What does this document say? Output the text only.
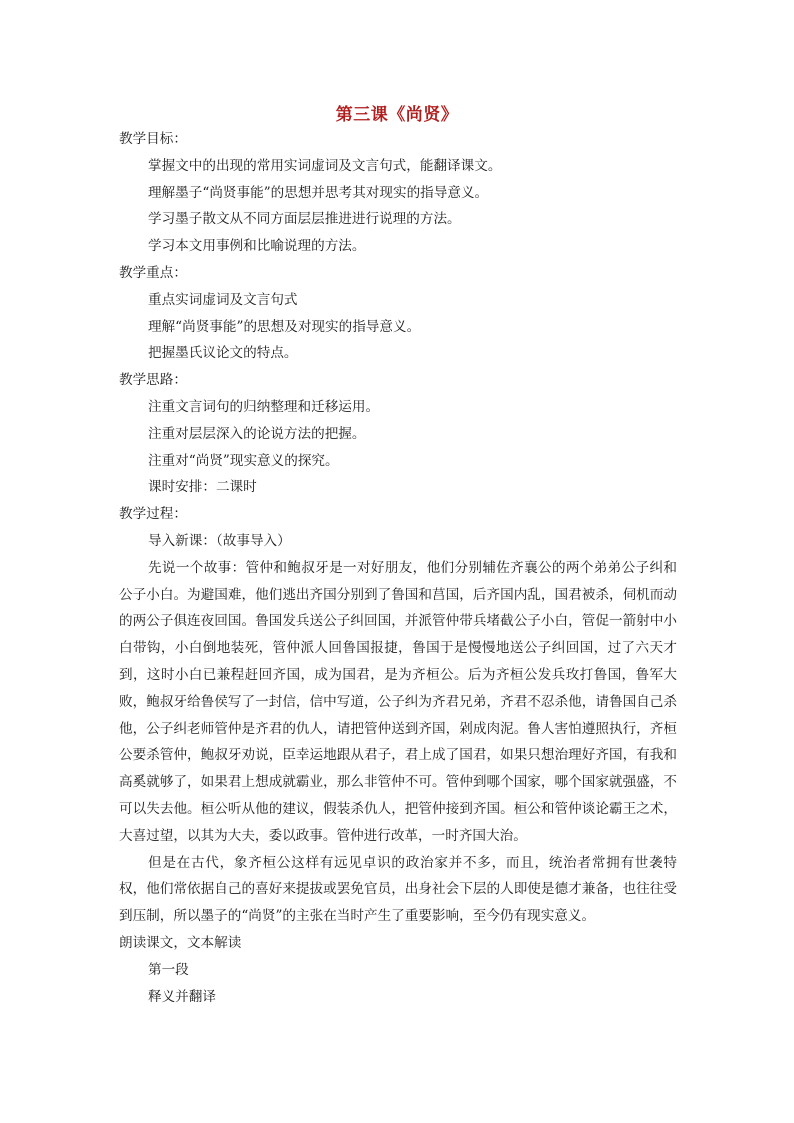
第三课《尚贤》

教学目标：

掌握文中的出现的常用实词虚词及文言句式，能翻译课文。

理解墨子“尚贤事能”的思想并思考其对现实的指导意义。

学习墨子散文从不同方面层层推进进行说理的方法。

学习本文用事例和比喻说理的方法。

教学重点：

重点实词虚词及文言句式

理解“尚贤事能”的思想及对现实的指导意义。

把握墨氏议论文的特点。

教学思路：

注重文言词句的归纳整理和迁移运用。

注重对层层深入的论说方法的把握。

注重对“尚贤”现实意义的探究。

课时安排：二课时

教学过程：

导入新课：（故事导入）

先说一个故事：管仲和鲍叔牙是一对好朋友，他们分别辅佐齐襄公的两个弟弟公子纠和公子小白。为避国难，他们逃出齐国分别到了鲁国和莒国，后齐国内乱，国君被杀，伺机而动的两公子俱连夜回国。鲁国发兵送公子纠回国，并派管仲带兵堵截公子小白，管促一箭射中小白带钩，小白倒地装死，管仲派人回鲁国报捷，鲁国于是慢慢地送公子纠回国，过了六天才到，这时小白已兼程赶回齐国，成为国君，是为齐桓公。后为齐桓公发兵玫打鲁国，鲁军大败，鲍叔牙给鲁侯写了一封信，信中写道，公子纠为齐君兄弟，齐君不忍杀他，请鲁国自己杀他，公子纠老师管仲是齐君的仇人，请把管仲送到齐国，剁成肉泥。鲁人害怕遵照执行，齐桓公要杀管仲，鲍叔牙劝说，臣幸运地跟从君子，君上成了国君，如果只想治理好齐国，有我和高奚就够了，如果君上想成就霸业，那么非管仲不可。管仲到哪个国家，哪个国家就强盛，不可以失去他。桓公听从他的建议，假装杀仇人，把管仲接到齐国。桓公和管仲谈论霸王之术，大喜过望，以其为大夫，委以政事。管仲进行改革，一时齐国大治。

但是在古代，象齐桓公这样有远见卓识的政治家并不多，而且，统治者常拥有世袭特权，他们常依据自己的喜好来提拔或罢免官员，出身社会下层的人即使是德才兼备，也往往受到压制，所以墨子的“尚贤”的主张在当时产生了重要影响，至今仍有现实意义。

朗读课文，文本解读

第一段

释义并翻译
